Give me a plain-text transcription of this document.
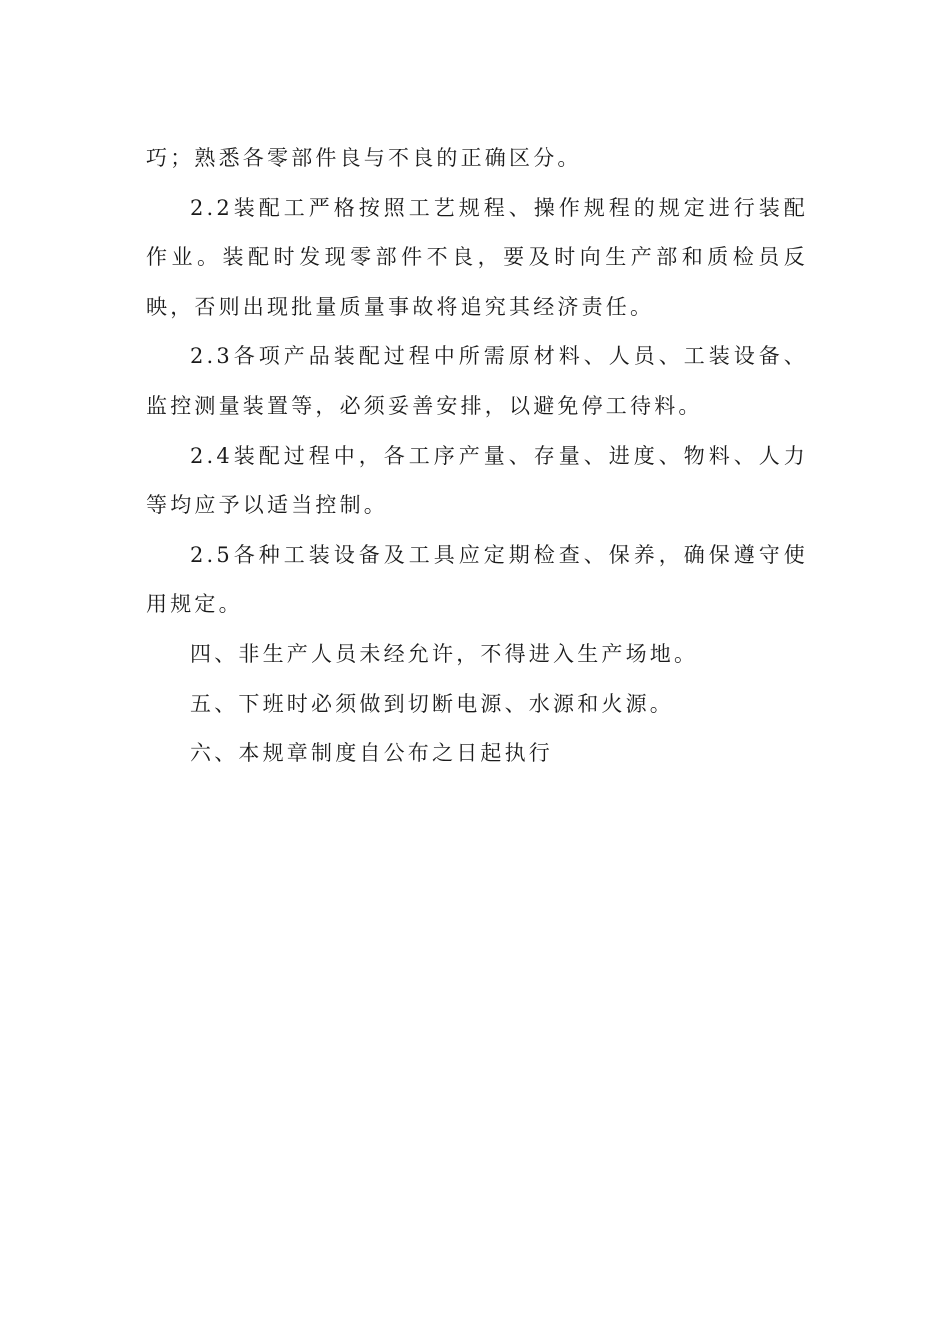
巧；熟悉各零部件良与不良的正确区分。

2.2装配工严格按照工艺规程、操作规程的规定进行装配作业。装配时发现零部件不良，要及时向生产部和质检员反映，否则出现批量质量事故将追究其经济责任。

2.3各项产品装配过程中所需原材料、人员、工装设备、监控测量装置等，必须妥善安排，以避免停工待料。

2.4装配过程中，各工序产量、存量、进度、物料、人力等均应予以适当控制。

2.5各种工装设备及工具应定期检查、保养，确保遵守使用规定。

四、非生产人员未经允许，不得进入生产场地。

五、下班时必须做到切断电源、水源和火源。

六、本规章制度自公布之日起执行
